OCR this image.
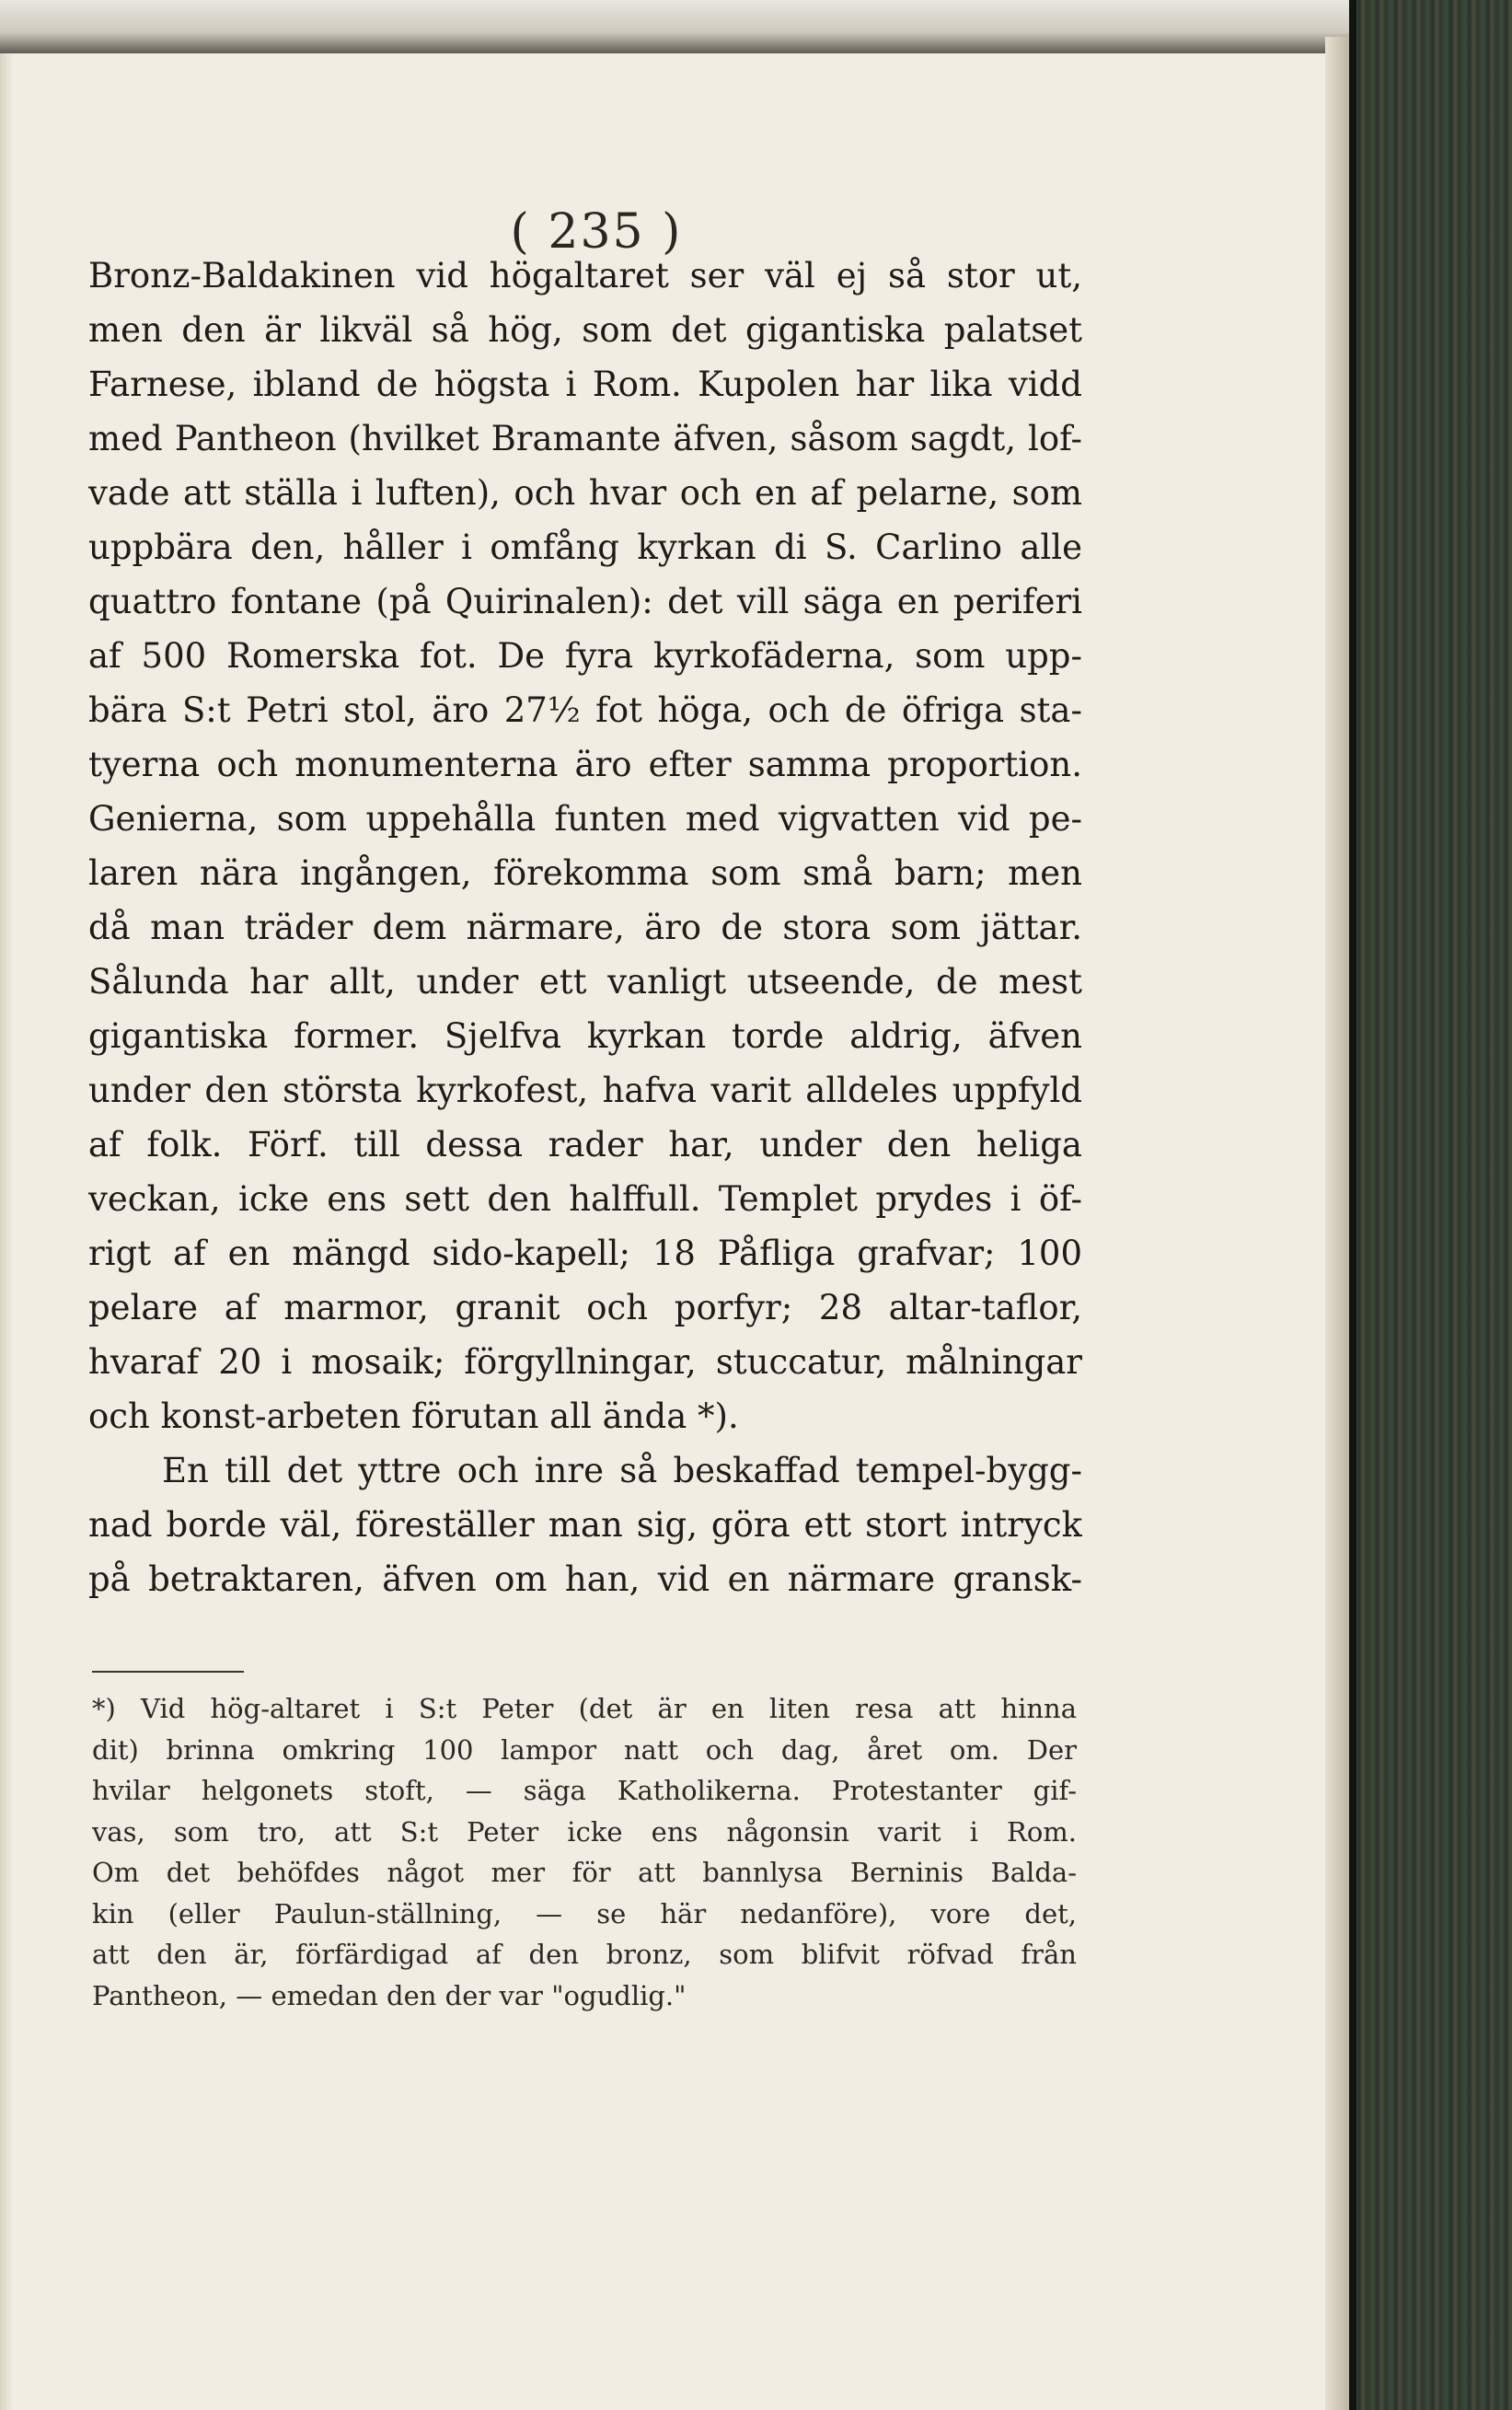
( 235 )
Bronz-Baldakinen vid högaltaret ser väl ej så stor ut,
men den är likväl så hög, som det gigantiska palatset
Farnese, ibland de högsta i Rom. Kupolen har lika vidd
med Pantheon (hvilket Bramante äfven, såsom sagdt, lof-
vade att ställa i luften), och hvar och en af pelarne, som
uppbära den, håller i omfång kyrkan di S. Carlino alle
quattro fontane (på Quirinalen): det vill säga en periferi
af 500 Romerska fot. De fyra kyrkofäderna, som upp-
bära S:t Petri stol, äro 27½ fot höga, och de öfriga sta-
tyerna och monumenterna äro efter samma proportion.
Genierna, som uppehålla funten med vigvatten vid pe-
laren nära ingången, förekomma som små barn; men
då man träder dem närmare, äro de stora som jättar.
Sålunda har allt, under ett vanligt utseende, de mest
gigantiska former. Sjelfva kyrkan torde aldrig, äfven
under den största kyrkofest, hafva varit alldeles uppfyld
af folk. Förf. till dessa rader har, under den heliga
veckan, icke ens sett den halffull. Templet prydes i öf-
rigt af en mängd sido-kapell; 18 Påfliga grafvar; 100
pelare af marmor, granit och porfyr; 28 altar-taflor,
hvaraf 20 i mosaik; förgyllningar, stuccatur, målningar
och konst-arbeten förutan all ända *).
En till det yttre och inre så beskaffad tempel-bygg-
nad borde väl, föreställer man sig, göra ett stort intryck
på betraktaren, äfven om han, vid en närmare gransk-
*) Vid hög-altaret i S:t Peter (det är en liten resa att hinna
dit) brinna omkring 100 lampor natt och dag, året om. Der
hvilar helgonets stoft, — säga Katholikerna. Protestanter gif-
vas, som tro, att S:t Peter icke ens någonsin varit i Rom.
Om det behöfdes något mer för att bannlysa Berninis Balda-
kin (eller Paulun-ställning, — se här nedanföre), vore det,
att den är, förfärdigad af den bronz, som blifvit röfvad från
Pantheon, — emedan den der var "ogudlig."
